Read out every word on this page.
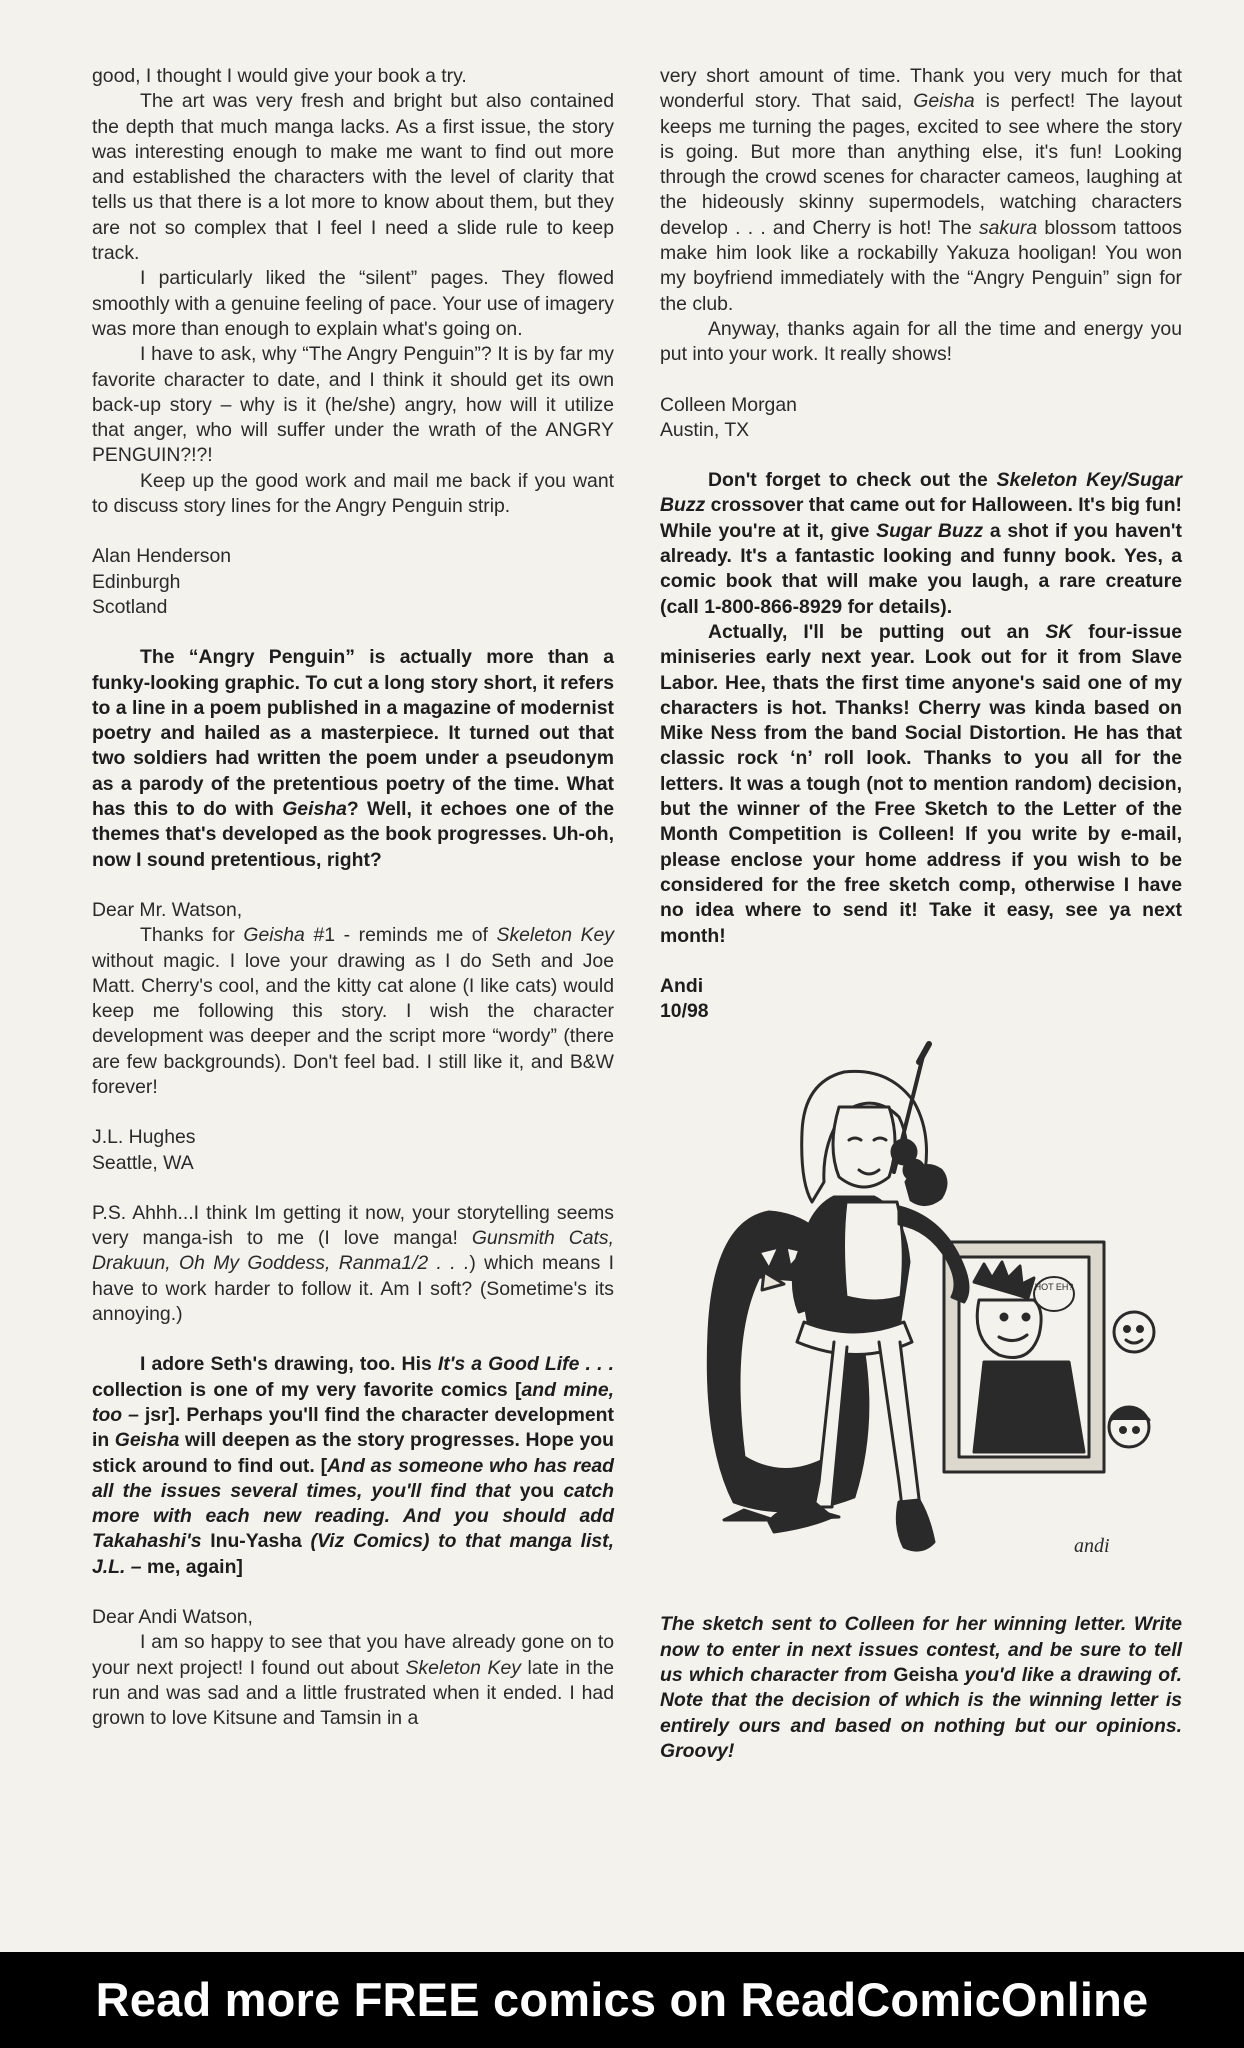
good, I thought I would give your book a try.

The art was very fresh and bright but also contained the depth that much manga lacks. As a first issue, the story was interesting enough to make me want to find out more and established the characters with the level of clarity that tells us that there is a lot more to know about them, but they are not so complex that I feel I need a slide rule to keep track.

I particularly liked the “silent” pages. They flowed smoothly with a genuine feeling of pace. Your use of imagery was more than enough to explain what's going on.

I have to ask, why “The Angry Penguin”? It is by far my favorite character to date, and I think it should get its own back-up story – why is it (he/she) angry, how will it utilize that anger, who will suffer under the wrath of the ANGRY PENGUIN?!?!

Keep up the good work and mail me back if you want to discuss story lines for the Angry Penguin strip.

Alan Henderson

Edinburgh

Scotland

The “Angry Penguin” is actually more than a funky-looking graphic. To cut a long story short, it refers to a line in a poem published in a magazine of modernist poetry and hailed as a masterpiece. It turned out that two soldiers had written the poem under a pseudonym as a parody of the pretentious poetry of the time. What has this to do with Geisha? Well, it echoes one of the themes that's developed as the book progresses. Uh-oh, now I sound pretentious, right?

Dear Mr. Watson,

Thanks for Geisha #1 - reminds me of Skeleton Key without magic. I love your drawing as I do Seth and Joe Matt. Cherry's cool, and the kitty cat alone (I like cats) would keep me following this story. I wish the character development was deeper and the script more “wordy” (there are few backgrounds). Don't feel bad. I still like it, and B&W forever!

J.L. Hughes

Seattle, WA

P.S. Ahhh...I think Im getting it now, your storytelling seems very manga-ish to me (I love manga! Gunsmith Cats, Drakuun, Oh My Goddess, Ranma1/2 . . .) which means I have to work harder to follow it. Am I soft? (Sometime's its annoying.)

I adore Seth's drawing, too. His It's a Good Life . . . collection is one of my very favorite comics [and mine, too – jsr]. Perhaps you'll find the character development in Geisha will deepen as the story progresses. Hope you stick around to find out. [And as someone who has read all the issues several times, you'll find that you catch more with each new reading. And you should add Takahashi's Inu-Yasha (Viz Comics) to that manga list, J.L. – me, again]

Dear Andi Watson,

I am so happy to see that you have already gone on to your next project! I found out about Skeleton Key late in the run and was sad and a little frustrated when it ended. I had grown to love Kitsune and Tamsin in a

very short amount of time. Thank you very much for that wonderful story. That said, Geisha is perfect! The layout keeps me turning the pages, excited to see where the story is going. But more than anything else, it's fun! Looking through the crowd scenes for character cameos, laughing at the hideously skinny supermodels, watching characters develop . . . and Cherry is hot! The sakura blossom tattoos make him look like a rockabilly Yakuza hooligan! You won my boyfriend immediately with the “Angry Penguin” sign for the club.

Anyway, thanks again for all the time and energy you put into your work. It really shows!

Colleen Morgan

Austin, TX

Don't forget to check out the Skeleton Key/Sugar Buzz crossover that came out for Halloween. It's big fun! While you're at it, give Sugar Buzz a shot if you haven't already. It's a fantastic looking and funny book. Yes, a comic book that will make you laugh, a rare creature (call 1-800-866-8929 for details).

Actually, I'll be putting out an SK four-issue miniseries early next year. Look out for it from Slave Labor. Hee, thats the first time anyone's said one of my characters is hot. Thanks! Cherry was kinda based on Mike Ness from the band Social Distortion. He has that classic rock ‘n’ roll look. Thanks to you all for the letters. It was a tough (not to mention random) decision, but the winner of the Free Sketch to the Letter of the Month Competition is Colleen! If you write by e-mail, please enclose your home address if you wish to be considered for the free sketch comp, otherwise I have no idea where to send it! Take it easy, see ya next month!

Andi

10/98

HOT EH?
andi

The sketch sent to Colleen for her winning letter. Write now to enter in next issues contest, and be sure to tell us which character from Geisha you'd like a drawing of. Note that the decision of which is the winning letter is entirely ours and based on nothing but our opinions. Groovy!

Read more FREE comics on ReadComicOnline
